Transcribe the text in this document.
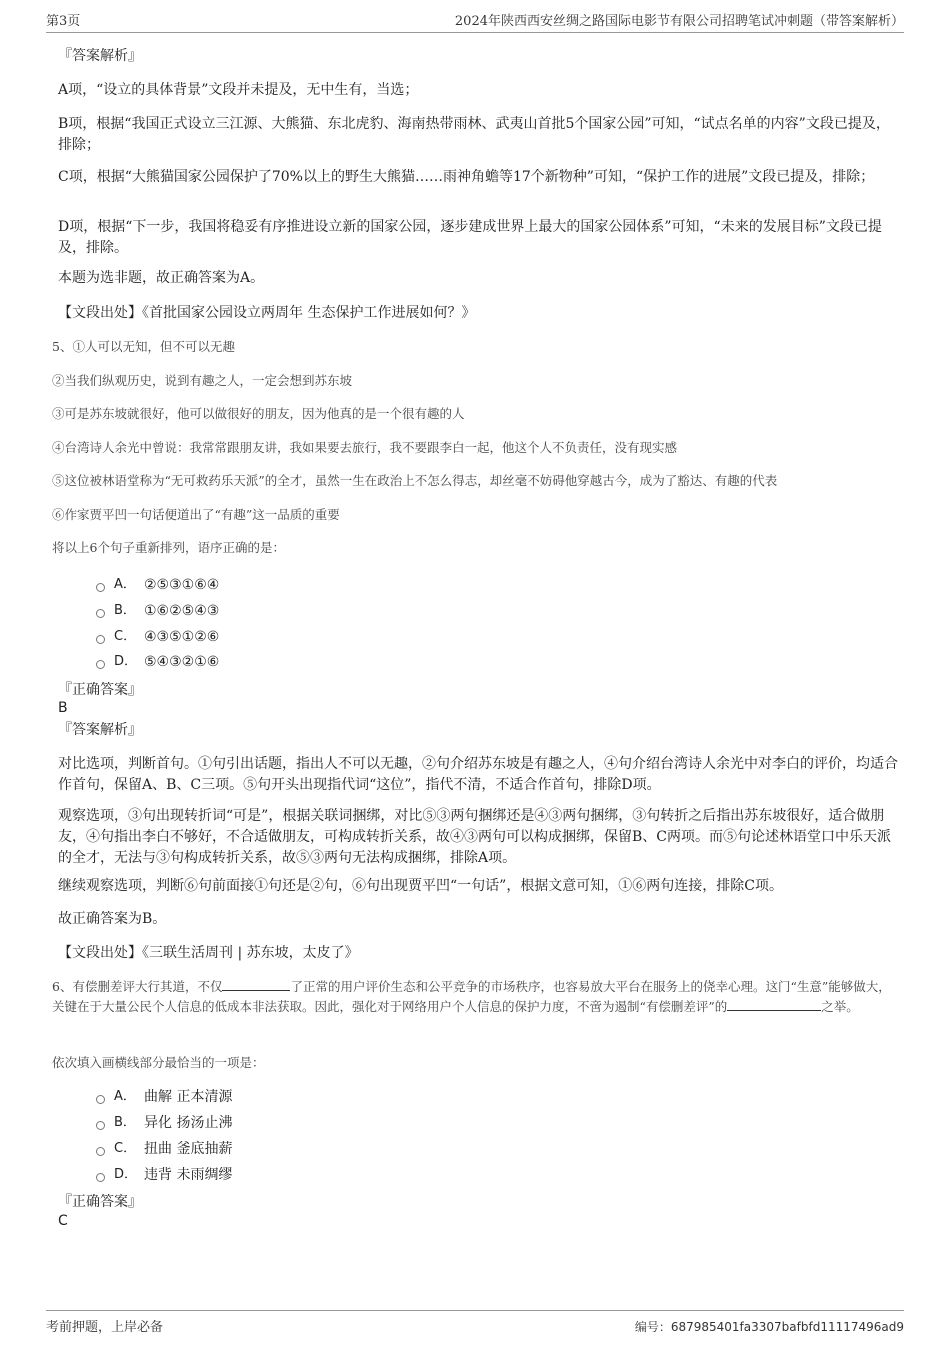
第3页	2024年陕西西安丝绸之路国际电影节有限公司招聘笔试冲刺题（带答案解析）
『答案解析』
A项，“设立的具体背景”文段并未提及，无中生有，当选；
B项，根据“我国正式设立三江源、大熊猫、东北虎豹、海南热带雨林、武夷山首批5个国家公园”可知，“试点名单的内容”文段已提及，排除；
C项，根据“大熊猫国家公园保护了70%以上的野生大熊猫……雨神角蟾等17个新物种”可知，“保护工作的进展”文段已提及，排除；
D项，根据“下一步，我国将稳妥有序推进设立新的国家公园，逐步建成世界上最大的国家公园体系”可知，“未来的发展目标”文段已提及，排除。
本题为选非题，故正确答案为A。
【文段出处】《首批国家公园设立两周年 生态保护工作进展如何？》
5、①人可以无知，但不可以无趣
②当我们纵观历史，说到有趣之人，一定会想到苏东坡
③可是苏东坡就很好，他可以做很好的朋友，因为他真的是一个很有趣的人
④台湾诗人余光中曾说：我常常跟朋友讲，我如果要去旅行，我不要跟李白一起，他这个人不负责任，没有现实感
⑤这位被林语堂称为“无可救药乐天派”的全才，虽然一生在政治上不怎么得志，却丝毫不妨碍他穿越古今，成为了豁达、有趣的代表
⑥作家贾平凹一句话便道出了“有趣”这一品质的重要
将以上6个句子重新排列，语序正确的是：
A． ②⑤③①⑥④
B． ①⑥②⑤④③
C． ④③⑤①②⑥
D． ⑤④③②①⑥
『正确答案』
B
『答案解析』
对比选项，判断首句。①句引出话题，指出人不可以无趣，②句介绍苏东坡是有趣之人，④句介绍台湾诗人余光中对李白的评价，均适合作首句，保留A、B、C三项。⑤句开头出现指代词“这位”，指代不清，不适合作首句，排除D项。
观察选项，③句出现转折词“可是”，根据关联词捆绑，对比⑤③两句捆绑还是④③两句捆绑，③句转折之后指出苏东坡很好，适合做朋友，④句指出李白不够好，不合适做朋友，可构成转折关系，故④③两句可以构成捆绑，保留B、C两项。而⑤句论述林语堂口中乐天派的全才，无法与③句构成转折关系，故⑤③两句无法构成捆绑，排除A项。
继续观察选项，判断⑥句前面接①句还是②句，⑥句出现贾平凹“一句话”，根据文意可知，①⑥两句连接，排除C项。
故正确答案为B。
【文段出处】《三联生活周刊 | 苏东坡，太皮了》
6、有偿删差评大行其道，不仅	了正常的用户评价生态和公平竞争的市场秩序，也容易放大平台在服务上的侥幸心理。这门“生意”能够做大，关键在于大量公民个人信息的低成本非法获取。因此，强化对于网络用户个人信息的保护力度，不啻为遏制“有偿删差评”的	之举。
依次填入画横线部分最恰当的一项是：
A． 曲解 正本清源
B． 异化 扬汤止沸
C． 扭曲 釜底抽薪
D． 违背 未雨绸缪
『正确答案』
C
考前押题，上岸必备	编号：687985401fa3307bafbfd11117496ad9
